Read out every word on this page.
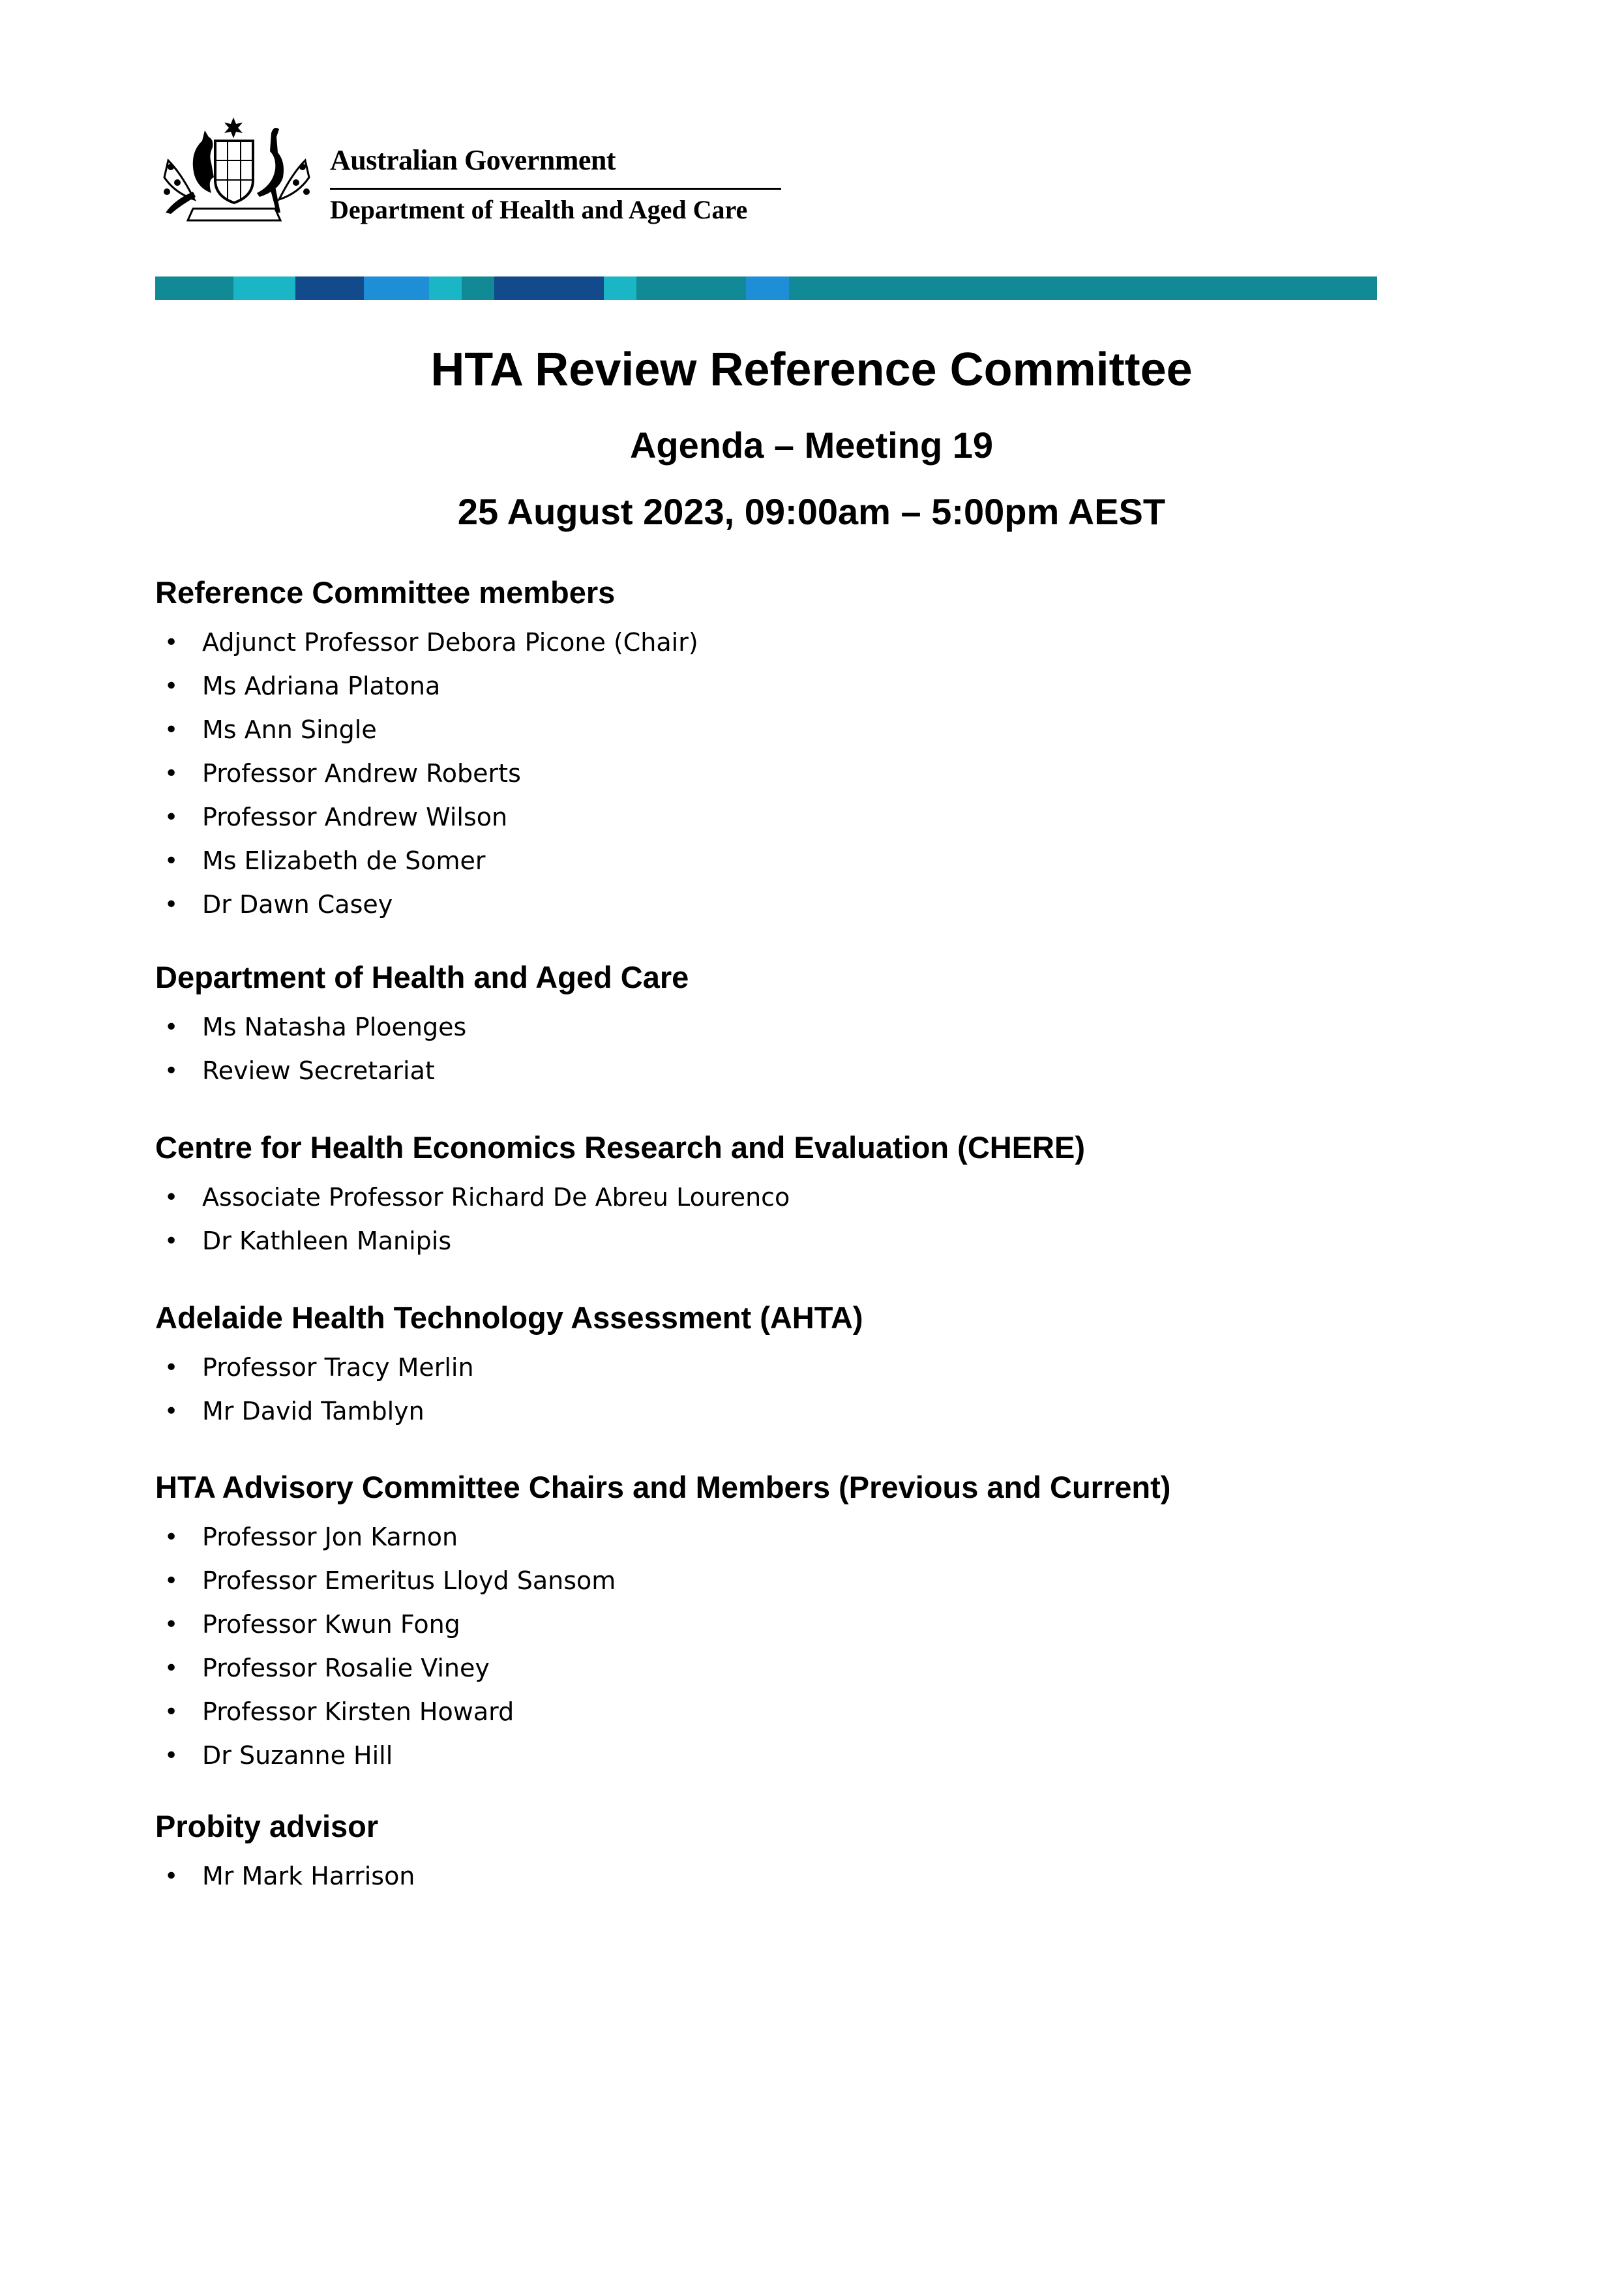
Australian Government
Department of Health and Aged Care
HTA Review Reference Committee
Agenda – Meeting 19
25 August 2023, 09:00am – 5:00pm AEST
Reference Committee members
• Adjunct Professor Debora Picone (Chair)
• Ms Adriana Platona
• Ms Ann Single
• Professor Andrew Roberts
• Professor Andrew Wilson
• Ms Elizabeth de Somer
• Dr Dawn Casey
Department of Health and Aged Care
• Ms Natasha Ploenges
• Review Secretariat
Centre for Health Economics Research and Evaluation (CHERE)
• Associate Professor Richard De Abreu Lourenco
• Dr Kathleen Manipis
Adelaide Health Technology Assessment (AHTA)
• Professor Tracy Merlin
• Mr David Tamblyn
HTA Advisory Committee Chairs and Members (Previous and Current)
• Professor Jon Karnon
• Professor Emeritus Lloyd Sansom
• Professor Kwun Fong
• Professor Rosalie Viney
• Professor Kirsten Howard
• Dr Suzanne Hill
Probity advisor
• Mr Mark Harrison
